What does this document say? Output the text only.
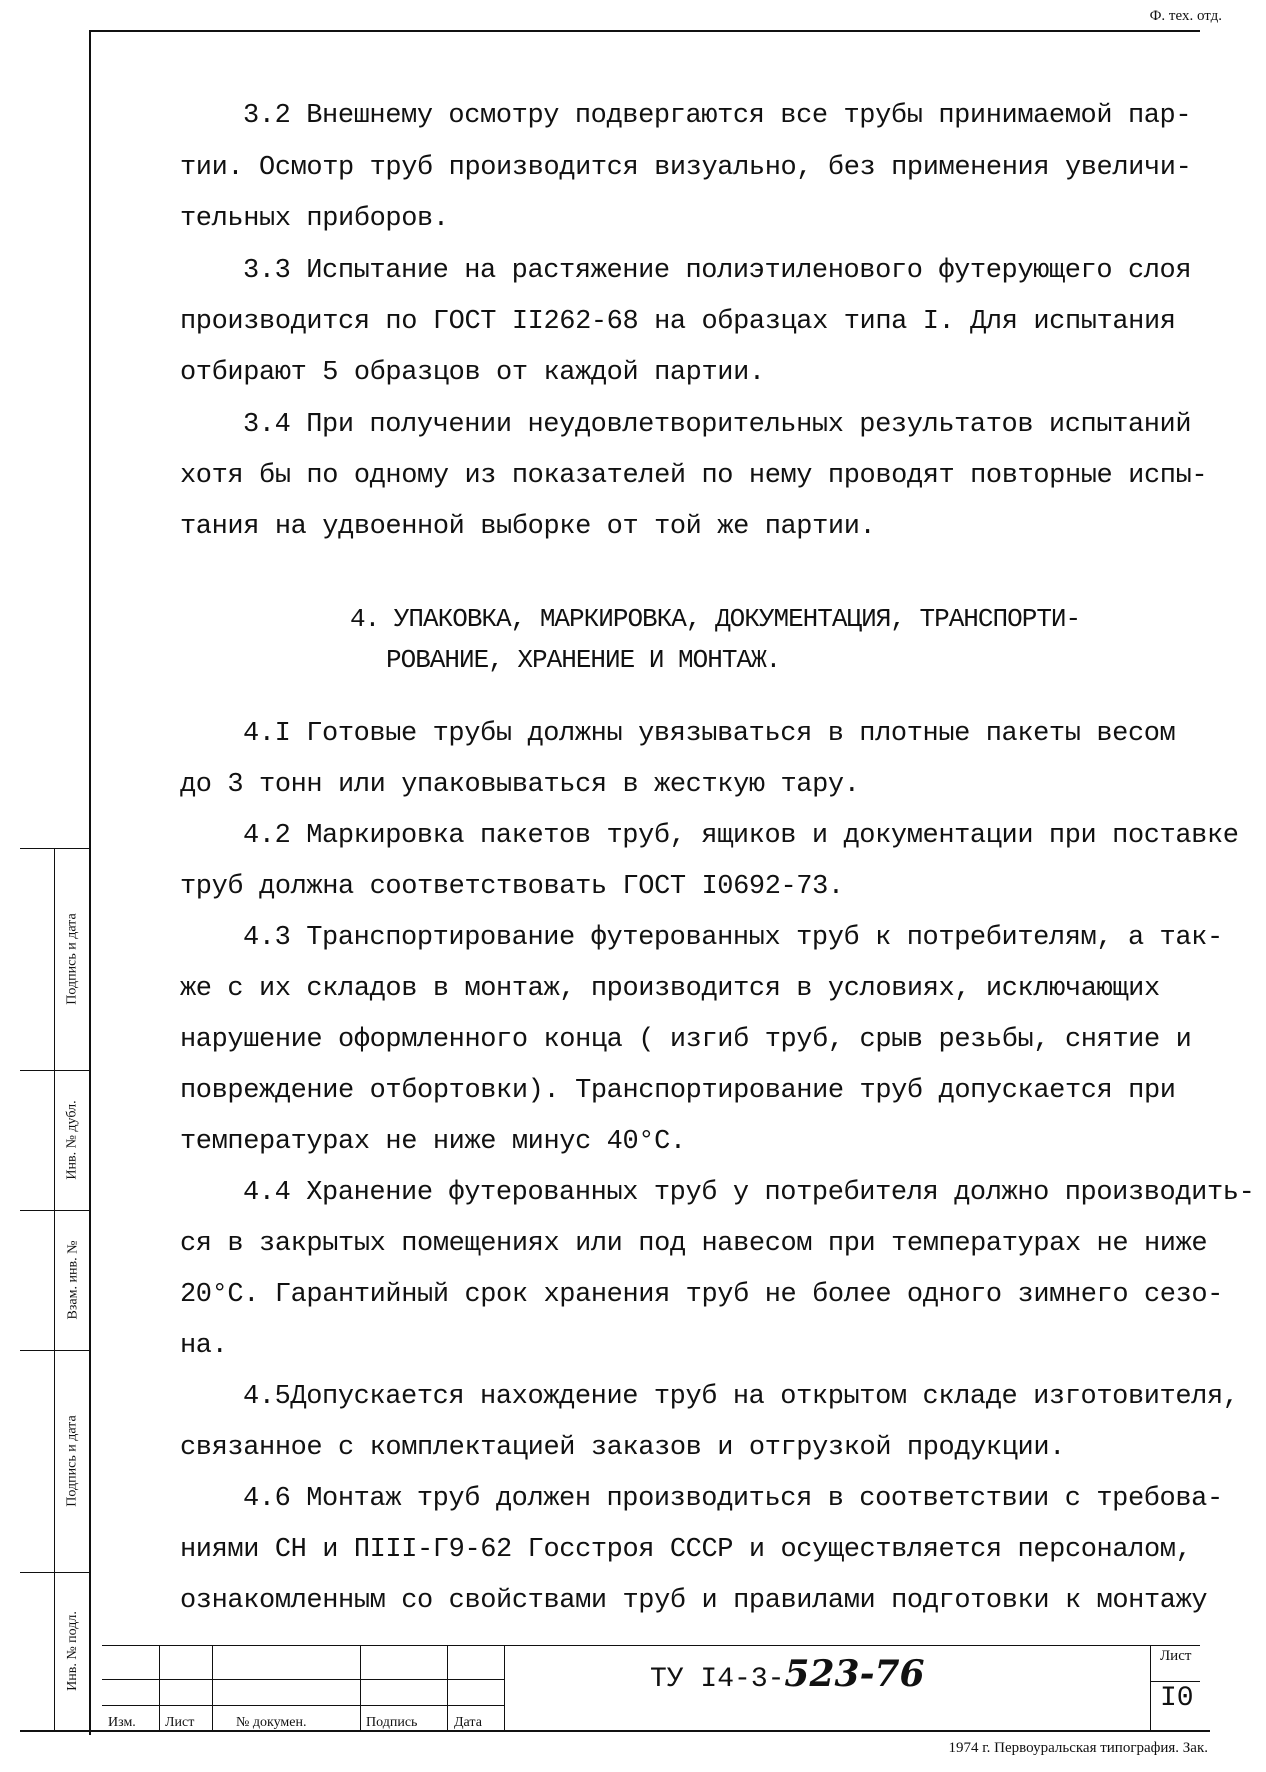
Ф. тех. отд.
3.2 Внешнему осмотру подвергаются все трубы принимаемой пар-
тии. Осмотр труб производится визуально, без применения увеличи-
тельных приборов.
3.3 Испытание на растяжение полиэтиленового футерующего слоя
производится по ГОСТ II262-68 на образцах типа I. Для испытания
отбирают 5 образцов от каждой партии.
3.4 При получении неудовлетворительных результатов испытаний
хотя бы по одному из показателей по нему проводят повторные испы-
тания на удвоенной выборке от той же партии.
4. УПАКОВКА, МАРКИРОВКА, ДОКУМЕНТАЦИЯ, ТРАНСПОРТИ-
РОВАНИЕ, ХРАНЕНИЕ И МОНТАЖ.
4.I Готовые трубы должны увязываться в плотные пакеты весом
до 3 тонн или упаковываться в жесткую тару.
4.2 Маркировка пакетов труб, ящиков и документации при поставке
труб должна соответствовать ГОСТ I0692-73.
4.3 Транспортирование футерованных труб к потребителям, а так-
же с их складов в монтаж, производится в условиях, исключающих
нарушение оформленного конца ( изгиб труб, срыв резьбы, снятие и
повреждение отбортовки). Транспортирование труб допускается при
температурах не ниже минус 40°С.
4.4 Хранение футерованных труб у потребителя должно производить-
ся в закрытых помещениях или под навесом при температурах не ниже
20°С. Гарантийный срок хранения труб не более одного зимнего сезо-
на.
4.5Допускается нахождение труб на открытом складе изготовителя,
связанное с комплектацией заказов и отгрузкой продукции.
4.6 Монтаж труб должен производиться в соответствии с требова-
ниями СН и ПIII-Г9-62 Госстроя СССР и осуществляется персоналом,
ознакомленным со свойствами труб и правилами подготовки к монтажу
Подпись и дата
Инв. № дубл.
Взам. инв. №
Подпись и дата
Инв. № подл.
Изм. Лист	№ докумен.	Подпись	Дата
ТУ I4-3-523-76	Лист
I0
1974 г. Первоуральская типография. Зак.
